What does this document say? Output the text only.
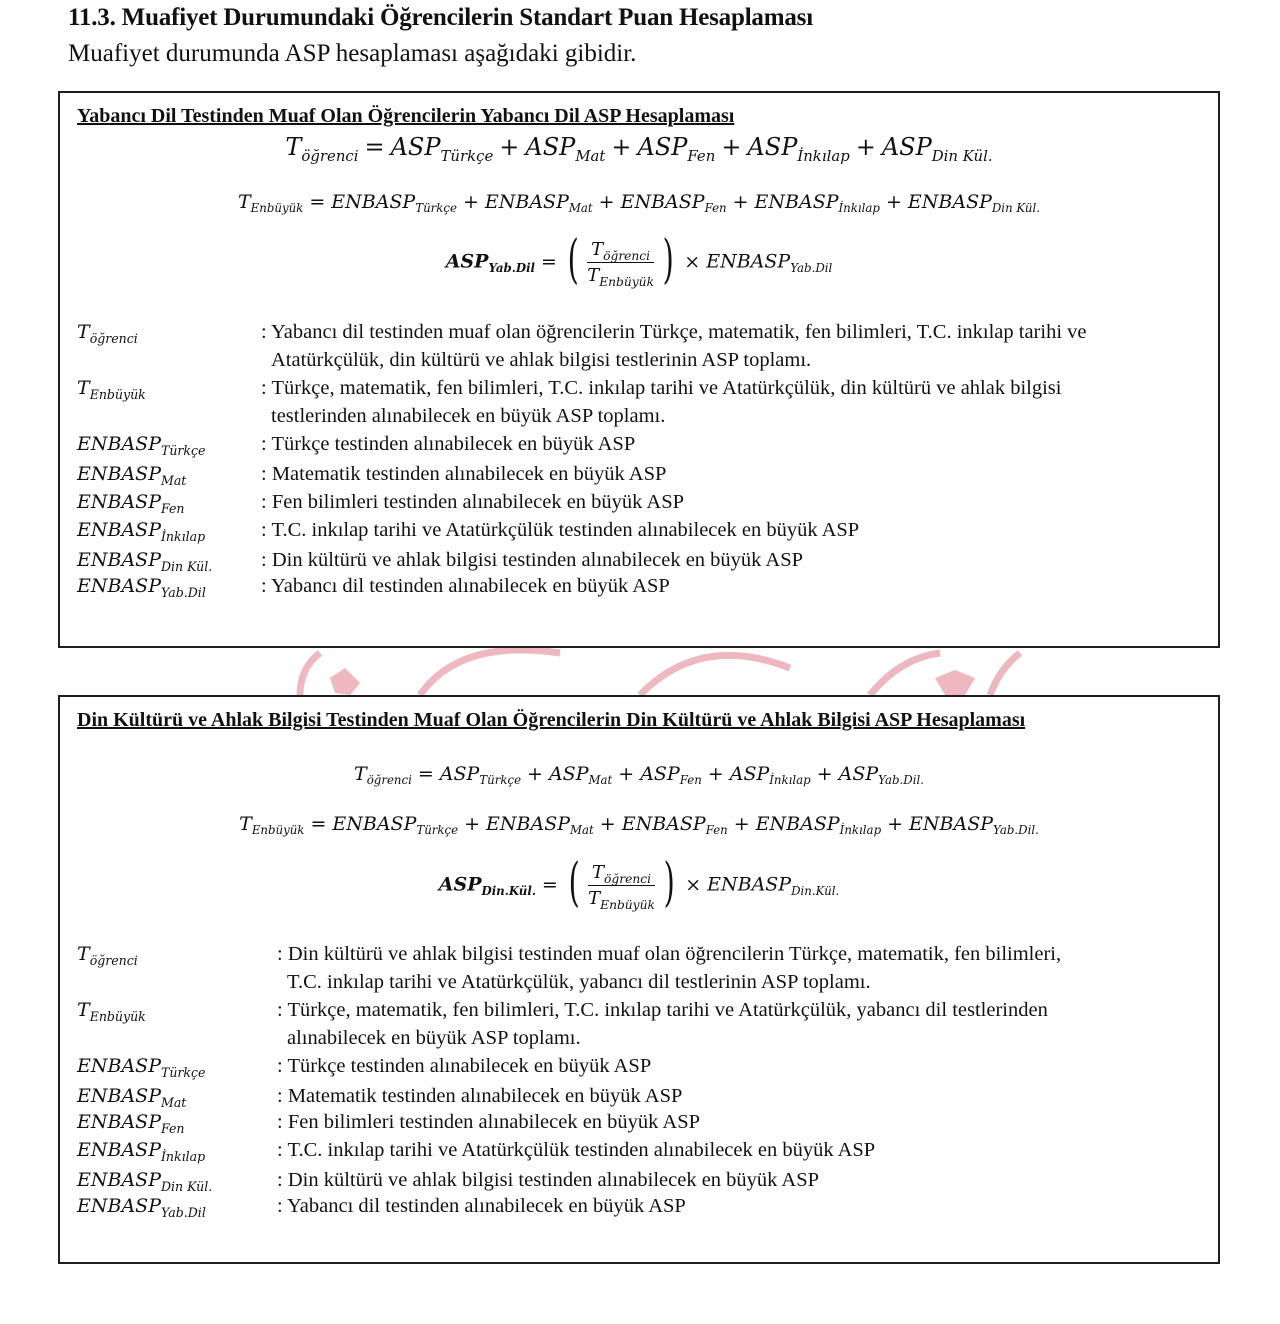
11.3. Muafiyet Durumundaki Öğrencilerin Standart Puan Hesaplaması
Muafiyet durumunda ASP hesaplaması aşağıdaki gibidir.
Yabancı Dil Testinden Muaf Olan Öğrencilerin Yabancı Dil ASP Hesaplaması
$T_{öğrenci} = ASP_{Türkçe} + ASP_{Mat} + ASP_{Fen} + ASP_{İnkılap} + ASP_{Din Kül.}$
$T_{Enbüyük}$ = $ENBASP_{Türkçe}$ + $ENBASP_{Mat}$ + $ENBASP_{Fen}$ + $ENBASP_{İnkılap}$ + $ENBASP_{Din Kül.}$
$ASP_{Yab.Dil}$ = ( $\frac{T_{öğrenci}}{T_{Enbüyük}}$ ) × $ENBASP_{Yab.Dil}$
$T_{öğrenci}$	: Yabancı dil testinden muaf olan öğrencilerin Türkçe, matematik, fen bilimleri, T.C. inkılap tarihi ve
Atatürkçülük, din kültürü ve ahlak bilgisi testlerinin ASP toplamı.
$T_{Enbüyük}$	: Türkçe, matematik, fen bilimleri, T.C. inkılap tarihi ve Atatürkçülük, din kültürü ve ahlak bilgisi
testlerinden alınabilecek en büyük ASP toplamı.
$ENBASP_{Türkçe}$	: Türkçe testinden alınabilecek en büyük ASP
$ENBASP_{Mat}$	: Matematik testinden alınabilecek en büyük ASP
$ENBASP_{Fen}$	: Fen bilimleri testinden alınabilecek en büyük ASP
$ENBASP_{İnkılap}$	: T.C. inkılap tarihi ve Atatürkçülük testinden alınabilecek en büyük ASP
$ENBASP_{Din Kül.}$ : Din kültürü ve ahlak bilgisi testinden alınabilecek en büyük ASP
$ENBASP_{Yab.Dil}$	: Yabancı dil testinden alınabilecek en büyük ASP
Din Kültürü ve Ahlak Bilgisi Testinden Muaf Olan Öğrencilerin Din Kültürü ve Ahlak Bilgisi ASP Hesaplaması
$T_{öğrenci} = ASP_{Türkçe} + ASP_{Mat} + ASP_{Fen} + ASP_{İnkılap} + ASP_{Yab.Dil.}$
$T_{Enbüyük}$ = $ENBASP_{Türkçe}$ + $ENBASP_{Mat}$ + $ENBASP_{Fen}$ + $ENBASP_{İnkılap}$ + $ENBASP_{Yab.Dil.}$
$ASP_{Din.Kül.}$ = ( $\frac{T_{öğrenci}}{T_{Enbüyük}}$ ) × $ENBASP_{Din.Kül.}$
$T_{öğrenci}$	: Din kültürü ve ahlak bilgisi testinden muaf olan öğrencilerin Türkçe, matematik, fen bilimleri,
T.C. inkılap tarihi ve Atatürkçülük, yabancı dil testlerinin ASP toplamı.
$T_{Enbüyük}$	: Türkçe, matematik, fen bilimleri, T.C. inkılap tarihi ve Atatürkçülük, yabancı dil testlerinden
alınabilecek en büyük ASP toplamı.
$ENBASP_{Türkçe}$	: Türkçe testinden alınabilecek en büyük ASP
$ENBASP_{Mat}$	: Matematik testinden alınabilecek en büyük ASP
$ENBASP_{Fen}$	: Fen bilimleri testinden alınabilecek en büyük ASP
$ENBASP_{İnkılap}$	: T.C. inkılap tarihi ve Atatürkçülük testinden alınabilecek en büyük ASP
$ENBASP_{Din Kül.}$	: Din kültürü ve ahlak bilgisi testinden alınabilecek en büyük ASP
$ENBASP_{Yab.Dil}$	: Yabancı dil testinden alınabilecek en büyük ASP
